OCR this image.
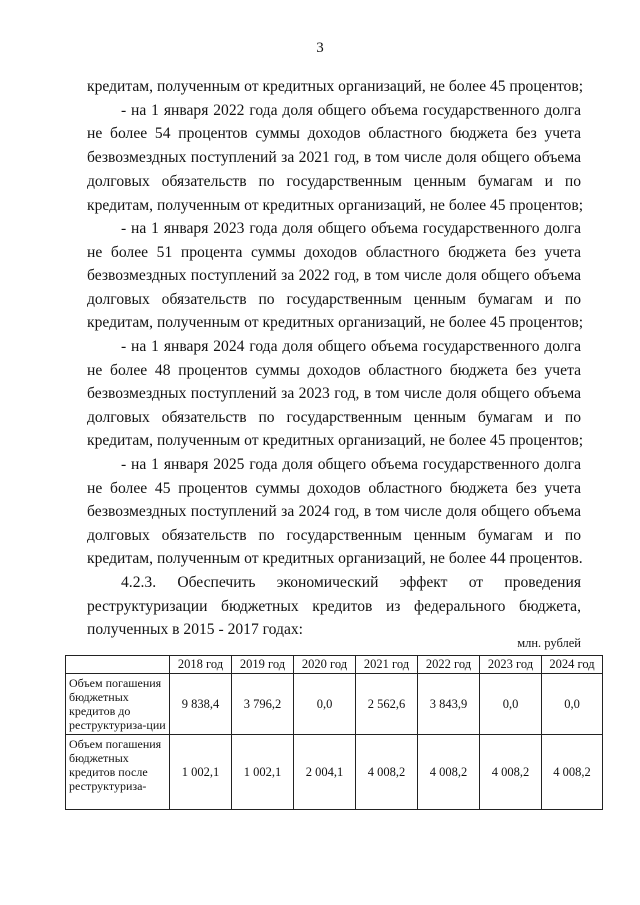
3
кредитам, полученным от кредитных организаций, не более 45 процентов;
- на 1 января 2022 года доля общего объема государственного долга
не более 54 процентов суммы доходов областного бюджета без учета
безвозмездных поступлений за 2021 год, в том числе доля общего объема
долговых обязательств по государственным ценным бумагам и по
кредитам, полученным от кредитных организаций, не более 45 процентов;
- на 1 января 2023 года доля общего объема государственного долга
не более 51 процента суммы доходов областного бюджета без учета
безвозмездных поступлений за 2022 год, в том числе доля общего объема
долговых обязательств по государственным ценным бумагам и по
кредитам, полученным от кредитных организаций, не более 45 процентов;
- на 1 января 2024 года доля общего объема государственного долга
не более 48 процентов суммы доходов областного бюджета без учета
безвозмездных поступлений за 2023 год, в том числе доля общего объема
долговых обязательств по государственным ценным бумагам и по
кредитам, полученным от кредитных организаций, не более 45 процентов;
- на 1 января 2025 года доля общего объема государственного долга
не более 45 процентов суммы доходов областного бюджета без учета
безвозмездных поступлений за 2024 год, в том числе доля общего объема
долговых обязательств по государственным ценным бумагам и по
кредитам, полученным от кредитных организаций, не более 44 процентов.
4.2.3. Обеспечить экономический эффект от проведения
реструктуризации бюджетных кредитов из федерального бюджета,
полученных в 2015 - 2017 годах:
млн. рублей
	2018 год	2019 год	2020 год	2021 год	2022 год	2023 год	2024 год
Объем погашения бюджетных кредитов до реструктуриза-ции	9 838,4	3 796,2	0,0	2 562,6	3 843,9	0,0	0,0

Объем погашения бюджетных кредитов после реструктуриза-	1 002,1	1 002,1	2 004,1	4 008,2	4 008,2	4 008,2	4 008,2
